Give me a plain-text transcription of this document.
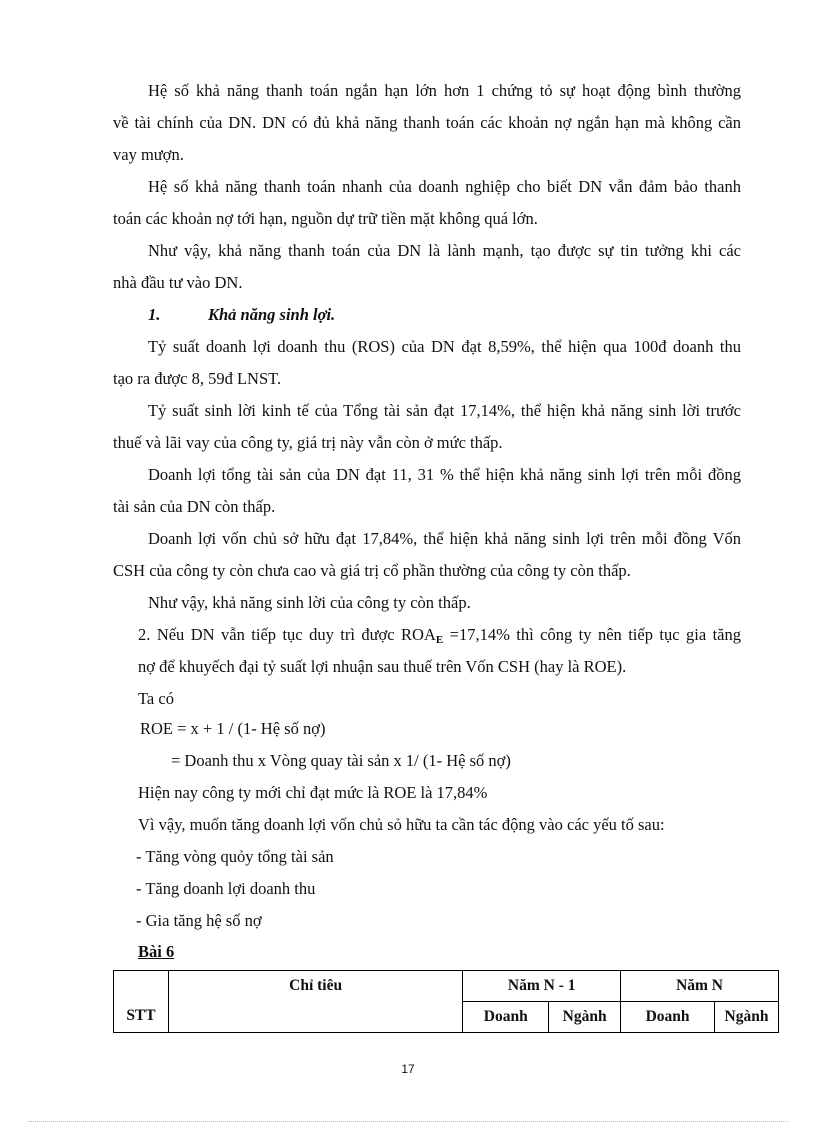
Hệ số khả năng thanh toán ngắn hạn lớn hơn 1 chứng tỏ sự hoạt động bình thường
về tài chính của DN. DN có đủ khả năng thanh toán các khoản nợ ngắn hạn mà không cần
vay mượn.
Hệ số khả năng thanh toán nhanh của doanh nghiệp cho biết DN vẫn đảm bảo thanh
toán các khoản nợ tới hạn, nguồn dự trữ tiền mặt không quá lớn.
Như vậy, khả năng thanh toán của DN là lành mạnh, tạo được sự tin tưởng khi các
nhà đầu tư vào DN.
1.	Khả năng sinh lợi.
Tỷ suất doanh lợi doanh thu (ROS) của DN đạt 8,59%, thể hiện qua 100đ doanh thu
tạo ra được 8, 59đ LNST.
Tỷ suất sinh lời kinh tế của Tổng tài sản đạt 17,14%, thể hiện khả năng sinh lời trước
thuế và lãi vay của công ty, giá trị này vẫn còn ở mức thấp.
Doanh lợi tổng tài sản của DN đạt 11, 31 % thể hiện khả năng sinh lợi trên mỗi đồng
tài sản của DN còn thấp.
Doanh lợi vốn chủ sở hữu đạt 17,84%, thể hiện khả năng sinh lợi trên mỗi đồng Vốn
CSH của công ty còn chưa cao và giá trị cổ phần thường của công ty còn thấp.
Như vậy, khả năng sinh lời của công ty còn thấp.
2. Nếu DN vẫn tiếp tục duy trì được $ROA_E =17,14\%$ thì công ty nên tiếp tục gia tăng
nợ để khuyếch đại tỷ suất lợi nhuận sau thuế trên Vốn CSH (hay là ROE).
Ta có
ROE = x + 1 / (1- Hệ số nợ)
= Doanh thu x Vòng quay tài sản x 1/ (1- Hệ số nợ)
Hiện nay công ty mới chỉ đạt mức là ROE là 17,84%
Vì vậy, muốn tăng doanh lợi vốn chủ sỏ hữu ta cần tác động vào các yếu tố sau:
- Tăng vòng quỏy tổng tài sản
- Tăng doanh lợi doanh thu
- Gia tăng hệ số nợ
Bài 6
STT	Chỉ tiêu	Năm N - 1		Năm N	
		Doanh	Ngành	Doanh	Ngành
17
